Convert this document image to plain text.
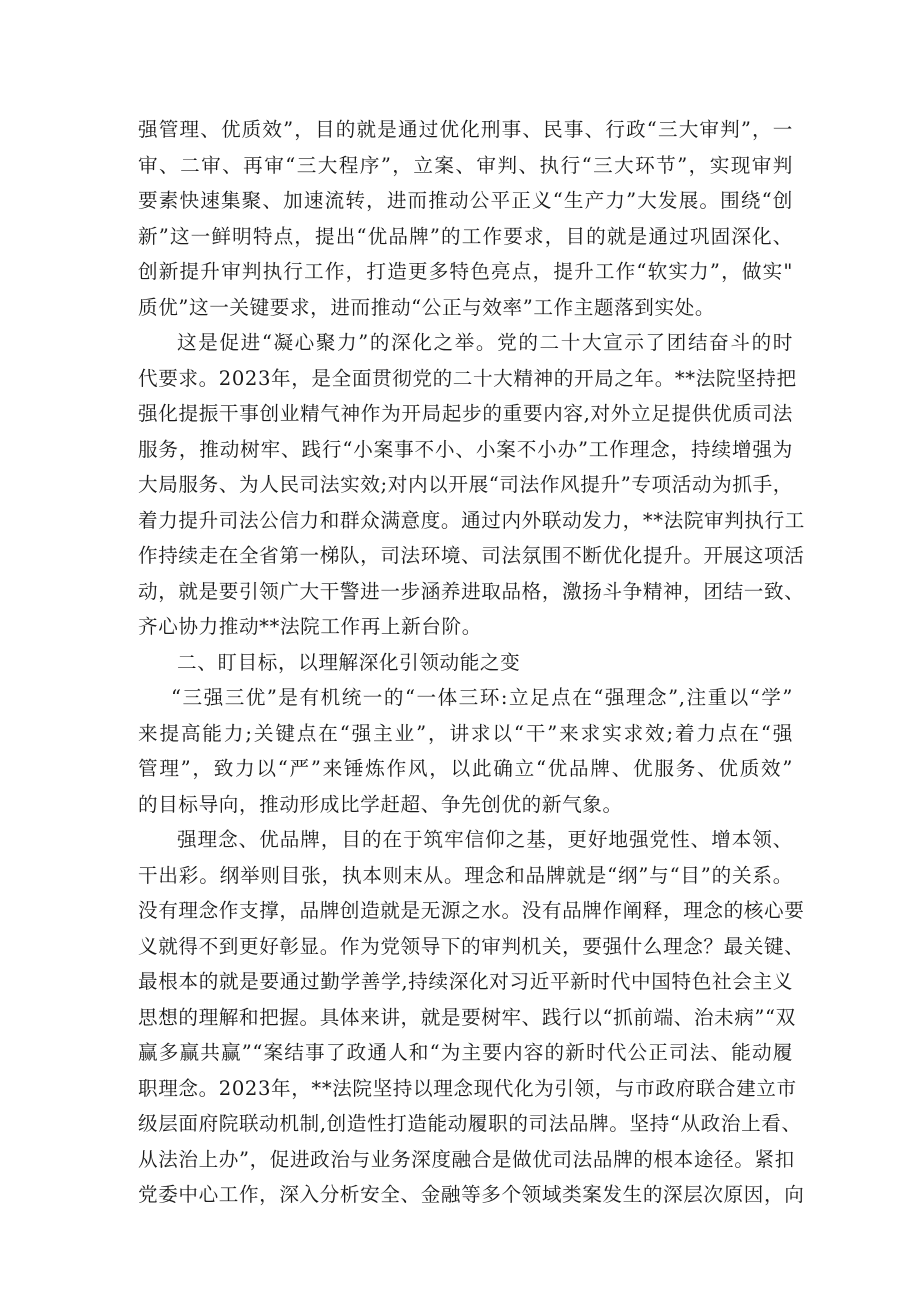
强管理、优质效”，目的就是通过优化刑事、民事、行政“三大审判”，一
审、二审、再审“三大程序”，立案、审判、执行“三大环节”，实现审判
要素快速集聚、加速流转，进而推动公平正义“生产力”大发展。围绕“创
新”这一鲜明特点，提出“优品牌”的工作要求，目的就是通过巩固深化、
创新提升审判执行工作，打造更多特色亮点，提升工作“软实力”，做实"
质优”这一关键要求，进而推动“公正与效率”工作主题落到实处。
这是促进“凝心聚力”的深化之举。党的二十大宣示了团结奋斗的时
代要求。2023年，是全面贯彻党的二十大精神的开局之年。**法院坚持把
强化提振干事创业精气神作为开局起步的重要内容,对外立足提供优质司法
服务，推动树牢、践行“小案事不小、小案不小办”工作理念，持续增强为
大局服务、为人民司法实效;对内以开展“司法作风提升”专项活动为抓手，
着力提升司法公信力和群众满意度。通过内外联动发力，**法院审判执行工
作持续走在全省第一梯队，司法环境、司法氛围不断优化提升。开展这项活
动，就是要引领广大干警进一步涵养进取品格，激扬斗争精神，团结一致、
齐心协力推动**法院工作再上新台阶。
二、盯目标，以理解深化引领动能之变
“三强三优”是有机统一的“一体三环:立足点在“强理念”,注重以“学”
来提高能力;关键点在“强主业”，讲求以“干”来求实求效;着力点在“强
管理”，致力以“严”来锤炼作风，以此确立“优品牌、优服务、优质效”
的目标导向，推动形成比学赶超、争先创优的新气象。
强理念、优品牌，目的在于筑牢信仰之基，更好地强党性、增本领、
干出彩。纲举则目张，执本则末从。理念和品牌就是“纲”与“目”的关系。
没有理念作支撑，品牌创造就是无源之水。没有品牌作阐释，理念的核心要
义就得不到更好彰显。作为党领导下的审判机关，要强什么理念？最关键、
最根本的就是要通过勤学善学,持续深化对习近平新时代中国特色社会主义
思想的理解和把握。具体来讲，就是要树牢、践行以“抓前端、治未病”“双
赢多赢共赢”“案结事了政通人和“为主要内容的新时代公正司法、能动履
职理念。2023年，**法院坚持以理念现代化为引领，与市政府联合建立市
级层面府院联动机制,创造性打造能动履职的司法品牌。坚持“从政治上看、
从法治上办”，促进政治与业务深度融合是做优司法品牌的根本途径。紧扣
党委中心工作，深入分析安全、金融等多个领域类案发生的深层次原因，向
